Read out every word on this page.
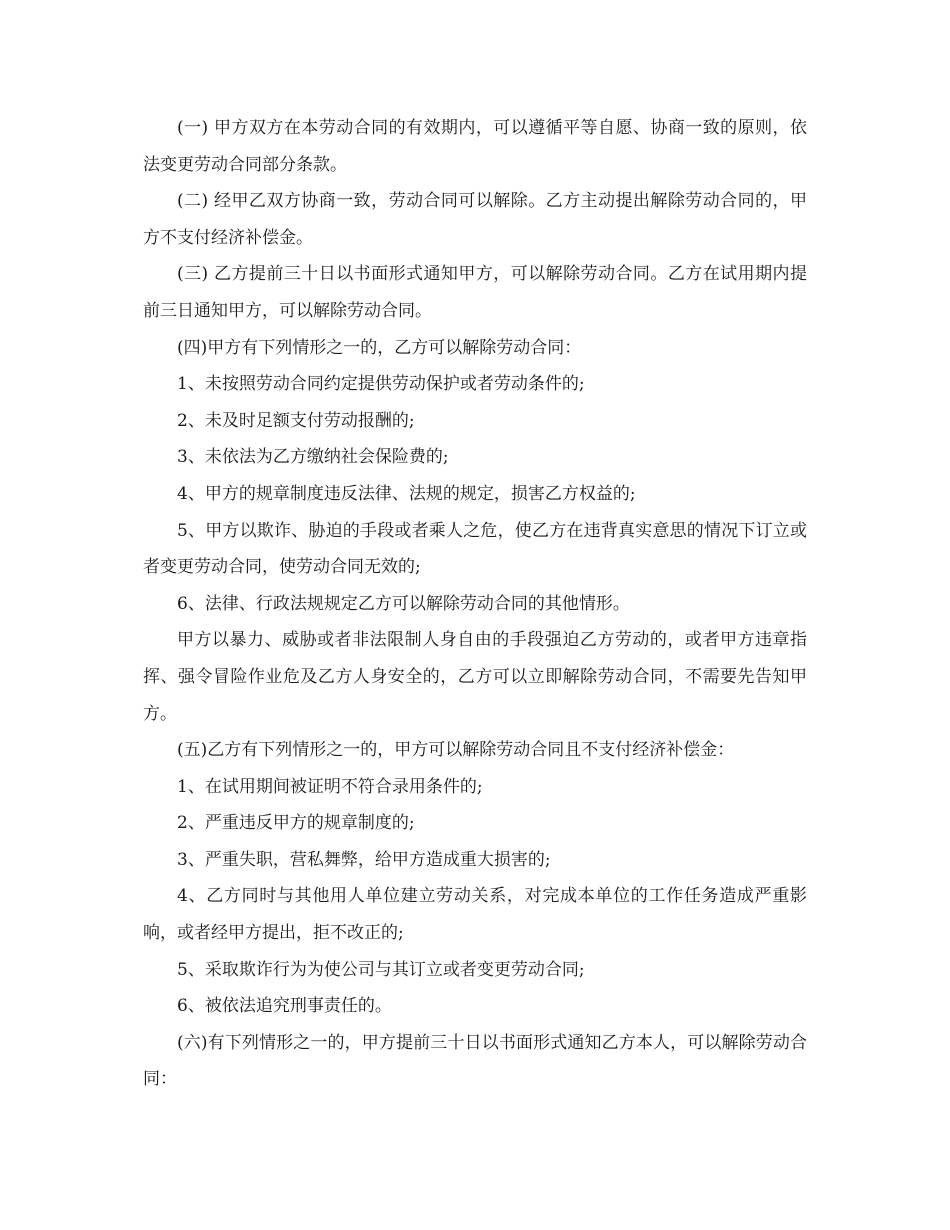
(一) 甲方双方在本劳动合同的有效期内，可以遵循平等自愿、协商一致的原则，依法变更劳动合同部分条款。

(二) 经甲乙双方协商一致，劳动合同可以解除。乙方主动提出解除劳动合同的，甲方不支付经济补偿金。

(三) 乙方提前三十日以书面形式通知甲方，可以解除劳动合同。乙方在试用期内提前三日通知甲方，可以解除劳动合同。

(四)甲方有下列情形之一的，乙方可以解除劳动合同：

1、未按照劳动合同约定提供劳动保护或者劳动条件的;

2、未及时足额支付劳动报酬的;

3、未依法为乙方缴纳社会保险费的;

4、甲方的规章制度违反法律、法规的规定，损害乙方权益的;

5、甲方以欺诈、胁迫的手段或者乘人之危，使乙方在违背真实意思的情况下订立或者变更劳动合同，使劳动合同无效的;

6、法律、行政法规规定乙方可以解除劳动合同的其他情形。

甲方以暴力、威胁或者非法限制人身自由的手段强迫乙方劳动的，或者甲方违章指挥、强令冒险作业危及乙方人身安全的，乙方可以立即解除劳动合同，不需要先告知甲方。

(五)乙方有下列情形之一的，甲方可以解除劳动合同且不支付经济补偿金：

1、在试用期间被证明不符合录用条件的;

2、严重违反甲方的规章制度的;

3、严重失职，营私舞弊，给甲方造成重大损害的;

4、乙方同时与其他用人单位建立劳动关系，对完成本单位的工作任务造成严重影响，或者经甲方提出，拒不改正的;

5、采取欺诈行为为使公司与其订立或者变更劳动合同;

6、被依法追究刑事责任的。

(六)有下列情形之一的，甲方提前三十日以书面形式通知乙方本人，可以解除劳动合同：
